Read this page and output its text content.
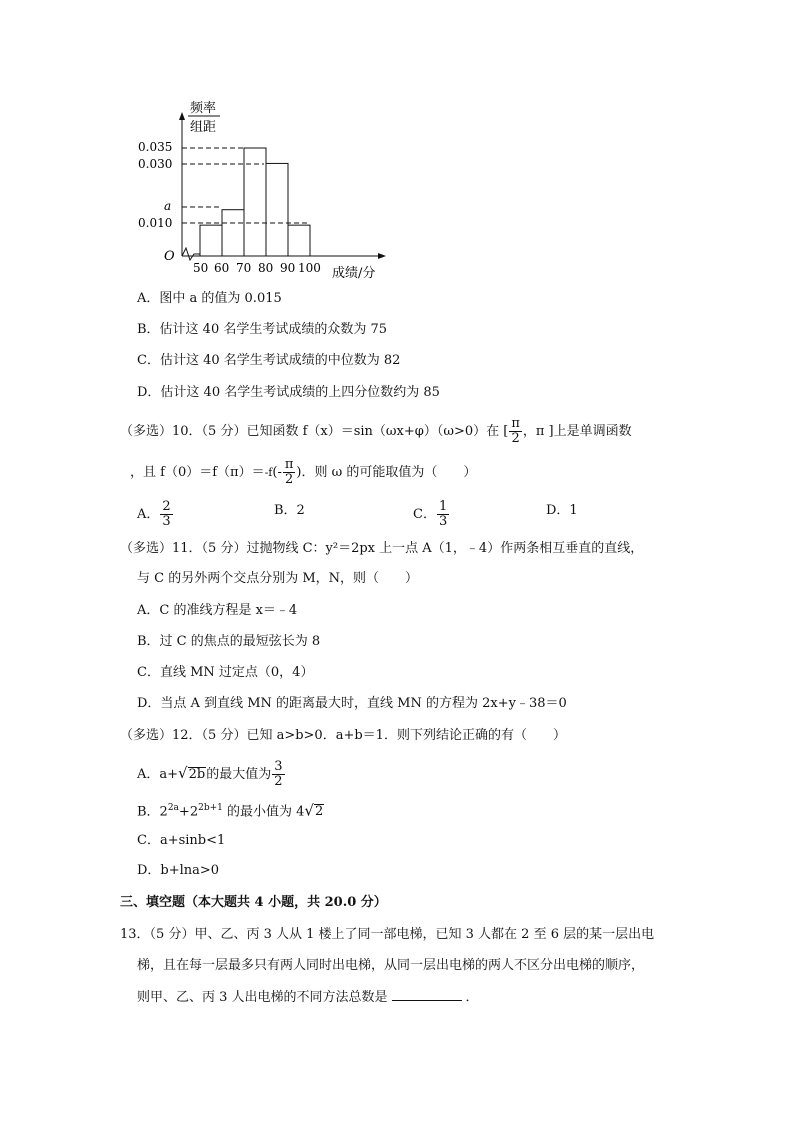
频率
组距
O
0.035
0.030
a
0.010
50 60 70 80 90 100 成绩/分
A．图中 a 的值为 0.015
B．估计这 40 名学生考试成绩的众数为 75
C．估计这 40 名学生考试成绩的中位数为 82
D．估计这 40 名学生考试成绩的上四分位数约为 85
（多选）10．（5 分）已知函数 f（x）＝sin（ωx+φ）（ω>0）在 [ $\frac{\pi}{2}$ ，π ]上是单调函数
，且 $f(0)=f(\pi)=-f(- \frac{\pi}{2}$ )．则 ω 的可能取值为（　　）
A． $\frac{2}{3}$	B．2	C． $\frac{1}{3}$	D．1
（多选）11．（5 分）过抛物线 C：y²＝2px 上一点 A（1，﹣4）作两条相互垂直的直线，
与 C 的另外两个交点分别为 M，N，则（　　）
A．C 的准线方程是 x＝﹣4
B．过 C 的焦点的最短弦长为 8
C．直线 MN 过定点（0，4）
D．当点 A 到直线 MN 的距离最大时，直线 MN 的方程为 2x+y﹣38＝0
（多选）12．（5 分）已知 a>b>0．a+b＝1．则下列结论正确的有（　　）
A．a+√2b的最大值为 $\frac{3}{2}$
B．$2^{2a}+2^{2b+1}$ 的最小值为 4√2
C．a+sinb<1
D．b+lna>0
三、填空题（本大题共 4 小题，共 20.0 分）
13．（5 分）甲、乙、丙 3 人从 1 楼上了同一部电梯，已知 3 人都在 2 至 6 层的某一层出电
梯，且在每一层最多只有两人同时出电梯，从同一层出电梯的两人不区分出电梯的顺序，
则甲、乙、丙 3 人出电梯的不同方法总数是	．
